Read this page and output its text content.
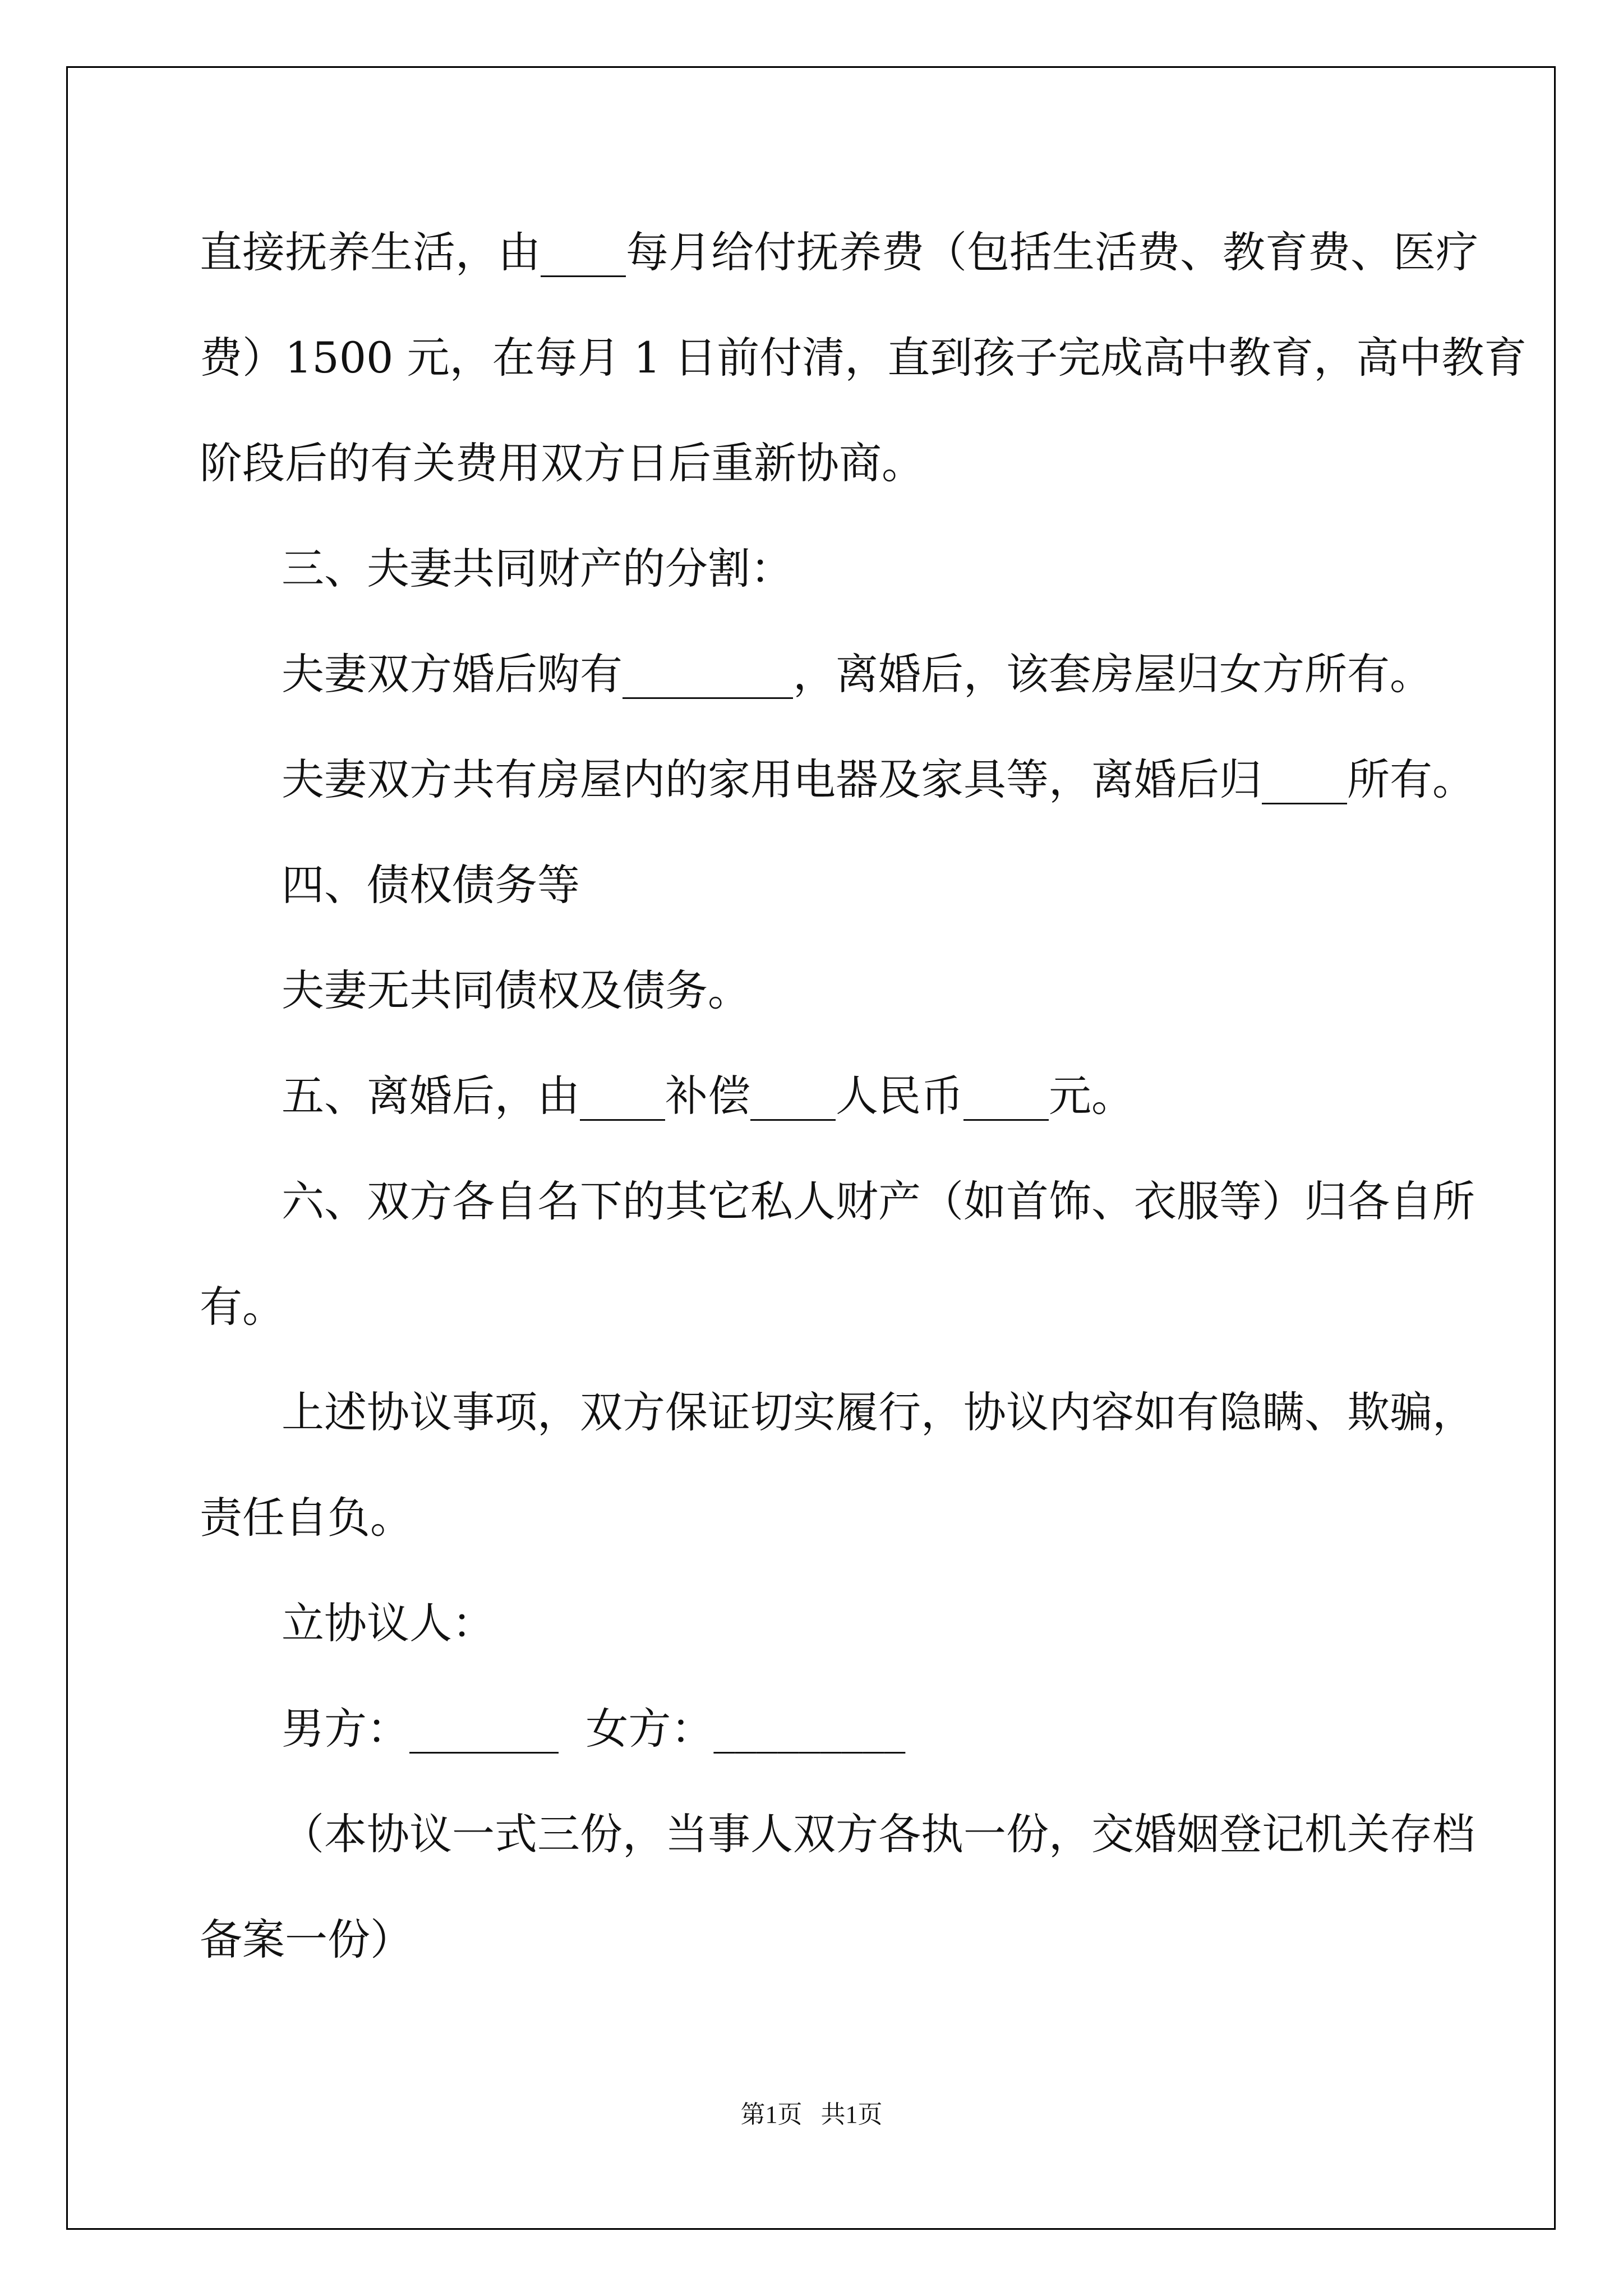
直接抚养生活，由____每月给付抚养费（包括生活费、教育费、医疗
费）1500 元，在每月 1 日前付清，直到孩子完成高中教育，高中教育
阶段后的有关费用双方日后重新协商。
三、夫妻共同财产的分割：
夫妻双方婚后购有________，离婚后，该套房屋归女方所有。
夫妻双方共有房屋内的家用电器及家具等，离婚后归____所有。
四、债权债务等
夫妻无共同债权及债务。
五、离婚后，由____补偿____人民币____元。
六、双方各自名下的其它私人财产（如首饰、衣服等）归各自所
有。
上述协议事项，双方保证切实履行，协议内容如有隐瞒、欺骗，
责任自负。
立协议人：
男方：_______  女方：_________
（本协议一式三份，当事人双方各执一份，交婚姻登记机关存档
备案一份）
第1页   共1页
